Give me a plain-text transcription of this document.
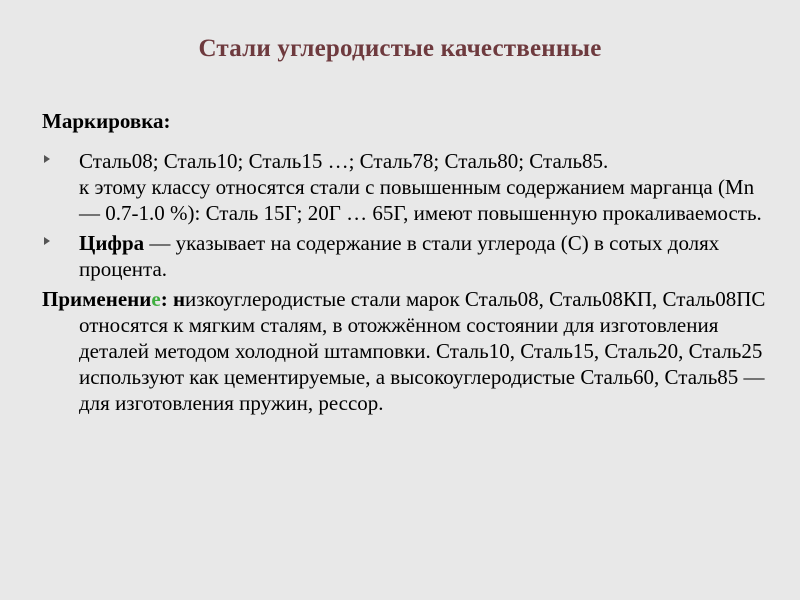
Стали углеродистые качественные
Маркировка:
Сталь08; Сталь10; Сталь15 …; Сталь78; Сталь80; Сталь85.
к этому классу относятся стали с повышенным содержанием марганца (Mn — 0.7-1.0 %): Сталь 15Г; 20Г … 65Г, имеют повышенную прокаливаемость.
Цифра — указывает на содержание в стали углерода (С) в сотых долях процента.
Применение: низкоуглеродистые стали марок Сталь08, Сталь08КП, Сталь08ПС относятся к мягким сталям, в отожжённом состоянии для изготовления деталей методом холодной штамповки. Сталь10, Сталь15, Сталь20, Сталь25 используют как цементируемые, а высокоуглеродистые Сталь60, Сталь85 — для изготовления пружин, рессор.
